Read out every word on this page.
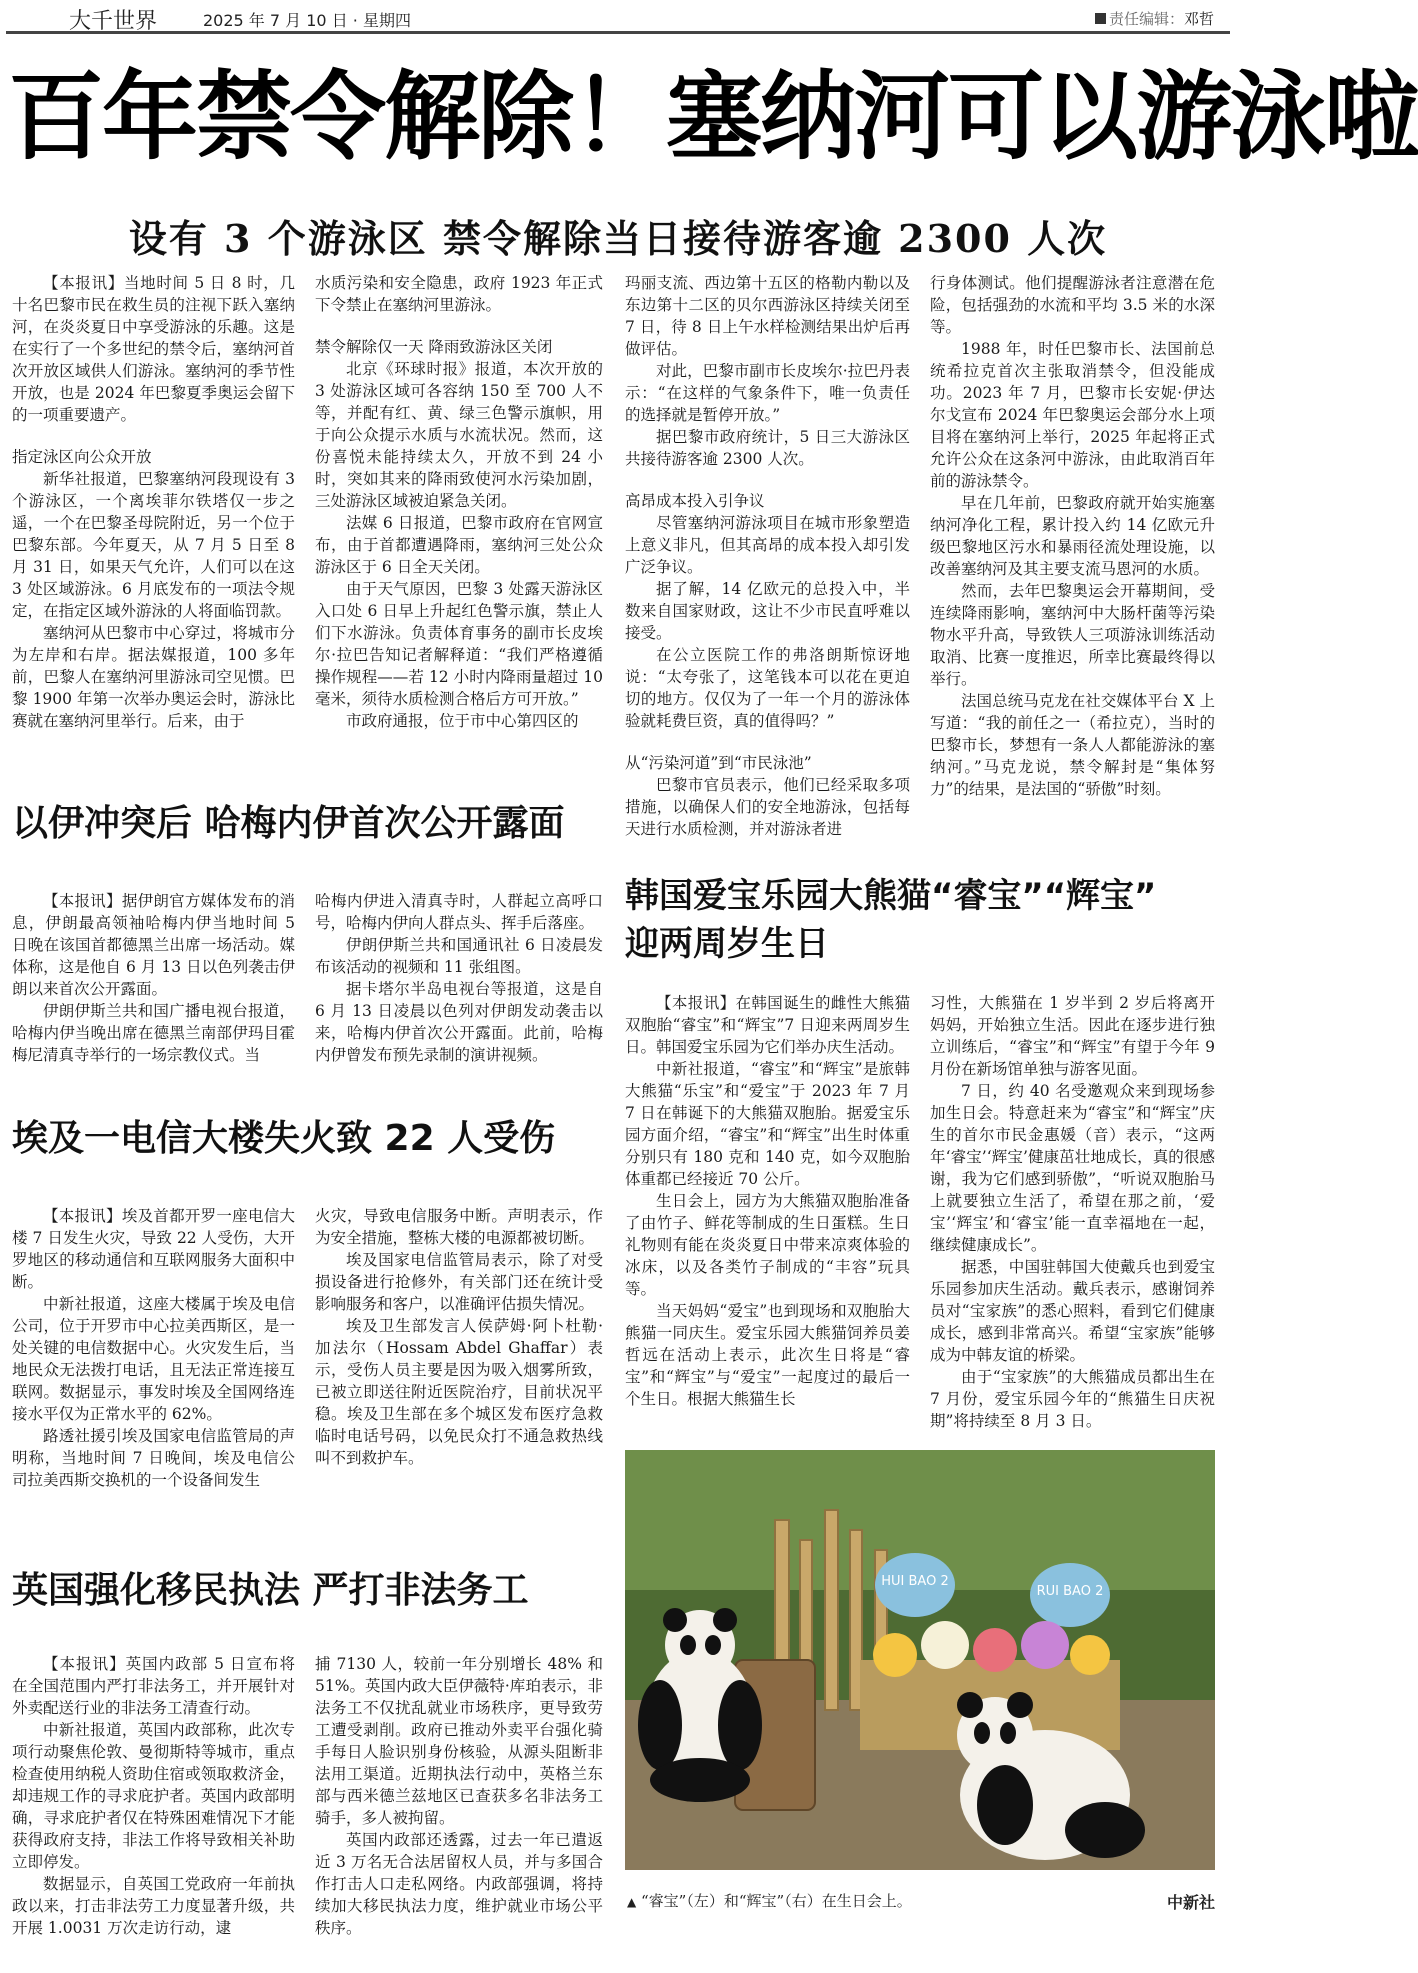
大千世界	2025 年 7 月 10 日 · 星期四	责任编辑：邓哲
百年禁令解除！塞纳河可以游泳啦
设有 3 个游泳区 禁令解除当日接待游客逾 2300 人次

【本报讯】当地时间 5 日 8 时，几十名巴黎市民在救生员的注视下跃入塞纳河，在炎炎夏日中享受游泳的乐趣。这是在实行了一个多世纪的禁令后，塞纳河首次开放区域供人们游泳。塞纳河的季节性开放，也是 2024 年巴黎夏季奥运会留下的一项重要遗产。

指定泳区向公众开放

新华社报道，巴黎塞纳河段现设有 3 个游泳区，一个离埃菲尔铁塔仅一步之遥，一个在巴黎圣母院附近，另一个位于巴黎东部。今年夏天，从 7 月 5 日至 8 月 31 日，如果天气允许，人们可以在这 3 处区域游泳。6 月底发布的一项法令规定，在指定区域外游泳的人将面临罚款。

塞纳河从巴黎市中心穿过，将城市分为左岸和右岸。据法媒报道，100 多年前，巴黎人在塞纳河里游泳司空见惯。巴黎 1900 年第一次举办奥运会时，游泳比赛就在塞纳河里举行。后来，由于

水质污染和安全隐患，政府 1923 年正式下令禁止在塞纳河里游泳。

禁令解除仅一天 降雨致游泳区关闭

北京《环球时报》报道，本次开放的 3 处游泳区域可各容纳 150 至 700 人不等，并配有红、黄、绿三色警示旗帜，用于向公众提示水质与水流状况。然而，这份喜悦未能持续太久，开放不到 24 小时，突如其来的降雨致使河水污染加剧，三处游泳区域被迫紧急关闭。

法媒 6 日报道，巴黎市政府在官网宣布，由于首都遭遇降雨，塞纳河三处公众游泳区于 6 日全天关闭。

由于天气原因，巴黎 3 处露天游泳区入口处 6 日早上升起红色警示旗，禁止人们下水游泳。负责体育事务的副市长皮埃尔·拉巴告知记者解释道：“我们严格遵循操作规程——若 12 小时内降雨量超过 10 毫米，须待水质检测合格后方可开放。”

市政府通报，位于市中心第四区的

玛丽支流、西边第十五区的格勒内勒以及东边第十二区的贝尔西游泳区持续关闭至 7 日，待 8 日上午水样检测结果出炉后再做评估。

对此，巴黎市副市长皮埃尔·拉巴丹表示：“在这样的气象条件下，唯一负责任的选择就是暂停开放。”

据巴黎市政府统计，5 日三大游泳区共接待游客逾 2300 人次。

高昂成本投入引争议

尽管塞纳河游泳项目在城市形象塑造上意义非凡，但其高昂的成本投入却引发广泛争议。

据了解，14 亿欧元的总投入中，半数来自国家财政，这让不少市民直呼难以接受。

在公立医院工作的弗洛朗斯惊讶地说：“太夸张了，这笔钱本可以花在更迫切的地方。仅仅为了一年一个月的游泳体验就耗费巨资，真的值得吗？”

从“污染河道”到“市民泳池”

巴黎市官员表示，他们已经采取多项措施，以确保人们的安全地游泳，包括每天进行水质检测，并对游泳者进

行身体测试。他们提醒游泳者注意潜在危险，包括强劲的水流和平均 3.5 米的水深等。

1988 年，时任巴黎市长、法国前总统希拉克首次主张取消禁令，但没能成功。2023 年 7 月，巴黎市长安妮·伊达尔戈宣布 2024 年巴黎奥运会部分水上项目将在塞纳河上举行，2025 年起将正式允许公众在这条河中游泳，由此取消百年前的游泳禁令。

早在几年前，巴黎政府就开始实施塞纳河净化工程，累计投入约 14 亿欧元升级巴黎地区污水和暴雨径流处理设施，以改善塞纳河及其主要支流马恩河的水质。

然而，去年巴黎奥运会开幕期间，受连续降雨影响，塞纳河中大肠杆菌等污染物水平升高，导致铁人三项游泳训练活动取消、比赛一度推迟，所幸比赛最终得以举行。

法国总统马克龙在社交媒体平台 X 上写道：“我的前任之一（希拉克），当时的巴黎市长，梦想有一条人人都能游泳的塞纳河。”马克龙说，禁令解封是“集体努力”的结果，是法国的“骄傲”时刻。

以伊冲突后 哈梅内伊首次公开露面

【本报讯】据伊朗官方媒体发布的消息，伊朗最高领袖哈梅内伊当地时间 5 日晚在该国首都德黑兰出席一场活动。媒体称，这是他自 6 月 13 日以色列袭击伊朗以来首次公开露面。

伊朗伊斯兰共和国广播电视台报道，哈梅内伊当晚出席在德黑兰南部伊玛目霍梅尼清真寺举行的一场宗教仪式。当

哈梅内伊进入清真寺时，人群起立高呼口号，哈梅内伊向人群点头、挥手后落座。

伊朗伊斯兰共和国通讯社 6 日凌晨发布该活动的视频和 11 张组图。

据卡塔尔半岛电视台等报道，这是自 6 月 13 日凌晨以色列对伊朗发动袭击以来，哈梅内伊首次公开露面。此前，哈梅内伊曾发布预先录制的演讲视频。

埃及一电信大楼失火致 22 人受伤

【本报讯】埃及首都开罗一座电信大楼 7 日发生火灾，导致 22 人受伤，大开罗地区的移动通信和互联网服务大面积中断。

中新社报道，这座大楼属于埃及电信公司，位于开罗市中心拉美西斯区，是一处关键的电信数据中心。火灾发生后，当地民众无法拨打电话，且无法正常连接互联网。数据显示，事发时埃及全国网络连接水平仅为正常水平的 62%。

路透社援引埃及国家电信监管局的声明称，当地时间 7 日晚间，埃及电信公司拉美西斯交换机的一个设备间发生

火灾，导致电信服务中断。声明表示，作为安全措施，整栋大楼的电源都被切断。

埃及国家电信监管局表示，除了对受损设备进行抢修外，有关部门还在统计受影响服务和客户，以准确评估损失情况。

埃及卫生部发言人侯萨姆·阿卜杜勒·加法尔（Hossam Abdel Ghaffar）表示，受伤人员主要是因为吸入烟雾所致，已被立即送往附近医院治疗，目前状况平稳。埃及卫生部在多个城区发布医疗急救临时电话号码，以免民众打不通急救热线叫不到救护车。

英国强化移民执法 严打非法务工

【本报讯】英国内政部 5 日宣布将在全国范围内严打非法务工，并开展针对外卖配送行业的非法务工清查行动。

中新社报道，英国内政部称，此次专项行动聚焦伦敦、曼彻斯特等城市，重点检查使用纳税人资助住宿或领取救济金，却违规工作的寻求庇护者。英国内政部明确，寻求庇护者仅在特殊困难情况下才能获得政府支持，非法工作将导致相关补助立即停发。

数据显示，自英国工党政府一年前执政以来，打击非法劳工力度显著升级，共开展 1.0031 万次走访行动，逮

捕 7130 人，较前一年分别增长 48% 和 51%。英国内政大臣伊薇特·库珀表示，非法务工不仅扰乱就业市场秩序，更导致劳工遭受剥削。政府已推动外卖平台强化骑手每日人脸识别身份核验，从源头阻断非法用工渠道。近期执法行动中，英格兰东部与西米德兰兹地区已查获多名非法务工骑手，多人被拘留。

英国内政部还透露，过去一年已遣返近 3 万名无合法居留权人员，并与多国合作打击人口走私网络。内政部强调，将持续加大移民执法力度，维护就业市场公平秩序。

韩国爱宝乐园大熊猫“睿宝”“辉宝”
迎两周岁生日

【本报讯】在韩国诞生的雌性大熊猫双胞胎“睿宝”和“辉宝”7 日迎来两周岁生日。韩国爱宝乐园为它们举办庆生活动。

中新社报道，“睿宝”和“辉宝”是旅韩大熊猫“乐宝”和“爱宝”于 2023 年 7 月 7 日在韩诞下的大熊猫双胞胎。据爱宝乐园方面介绍，“睿宝”和“辉宝”出生时体重分别只有 180 克和 140 克，如今双胞胎体重都已经接近 70 公斤。

生日会上，园方为大熊猫双胞胎准备了由竹子、鲜花等制成的生日蛋糕。生日礼物则有能在炎炎夏日中带来凉爽体验的冰床，以及各类竹子制成的“丰容”玩具等。

当天妈妈“爱宝”也到现场和双胞胎大熊猫一同庆生。爱宝乐园大熊猫饲养员姜哲远在活动上表示，此次生日将是“睿宝”和“辉宝”与“爱宝”一起度过的最后一个生日。根据大熊猫生长

习性，大熊猫在 1 岁半到 2 岁后将离开妈妈，开始独立生活。因此在逐步进行独立训练后，“睿宝”和“辉宝”有望于今年 9 月份在新场馆单独与游客见面。

7 日，约 40 名受邀观众来到现场参加生日会。特意赶来为“睿宝”和“辉宝”庆生的首尔市民金惠媛（音）表示，“这两年‘睿宝’‘辉宝’健康茁壮地成长，真的很感谢，我为它们感到骄傲”，“听说双胞胎马上就要独立生活了，希望在那之前，‘爱宝’‘辉宝’和‘睿宝’能一直幸福地在一起，继续健康成长”。

据悉，中国驻韩国大使戴兵也到爱宝乐园参加庆生活动。戴兵表示，感谢饲养员对“宝家族”的悉心照料，看到它们健康成长，感到非常高兴。希望“宝家族”能够成为中韩友谊的桥梁。

由于“宝家族”的大熊猫成员都出生在 7 月份，爱宝乐园今年的“熊猫生日庆祝期”将持续至 8 月 3 日。

HUI BAO 2
RUI BAO 2
▲ “睿宝”（左）和“辉宝”（右）在生日会上。	中新社
